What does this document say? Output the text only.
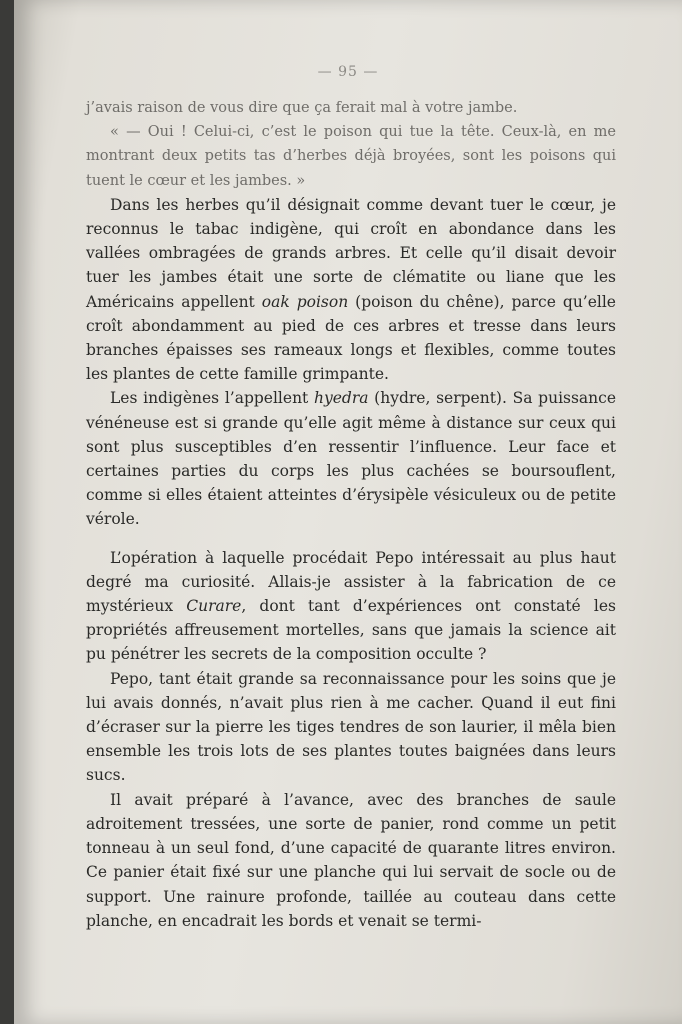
— 95 —

j’avais raison de vous dire que ça ferait mal à votre jambe.

« — Oui ! Celui-ci, c’est le poison qui tue la tête. Ceux-là, en me montrant deux petits tas d’herbes déjà broyées, sont les poisons qui tuent le cœur et les jambes. »

Dans les herbes qu’il désignait comme devant tuer le cœur, je reconnus le tabac indigène, qui croît en abondance dans les vallées ombragées de grands arbres. Et celle qu’il disait devoir tuer les jambes était une sorte de clématite ou liane que les Américains appellent oak poison (poison du chêne), parce qu’elle croît abondamment au pied de ces arbres et tresse dans leurs branches épaisses ses rameaux longs et flexibles, comme toutes les plantes de cette famille grimpante.

Les indigènes l’appellent hyedra (hydre, serpent). Sa puissance vénéneuse est si grande qu’elle agit même à distance sur ceux qui sont plus susceptibles d’en ressentir l’influence. Leur face et certaines parties du corps les plus cachées se boursouflent, comme si elles étaient atteintes d’érysipèle vésiculeux ou de petite vérole.

L’opération à laquelle procédait Pepo intéressait au plus haut degré ma curiosité. Allais-je assister à la fabrication de ce mystérieux Curare, dont tant d’expériences ont constaté les propriétés affreusement mortelles, sans que jamais la science ait pu pénétrer les secrets de la composition occulte ?

Pepo, tant était grande sa reconnaissance pour les soins que je lui avais donnés, n’avait plus rien à me cacher. Quand il eut fini d’écraser sur la pierre les tiges tendres de son laurier, il mêla bien ensemble les trois lots de ses plantes toutes baignées dans leurs sucs.

Il avait préparé à l’avance, avec des branches de saule adroitement tressées, une sorte de panier, rond comme un petit tonneau à un seul fond, d’une capacité de quarante litres environ. Ce panier était fixé sur une planche qui lui servait de socle ou de support. Une rainure profonde, taillée au couteau dans cette planche, en encadrait les bords et venait se termi-
